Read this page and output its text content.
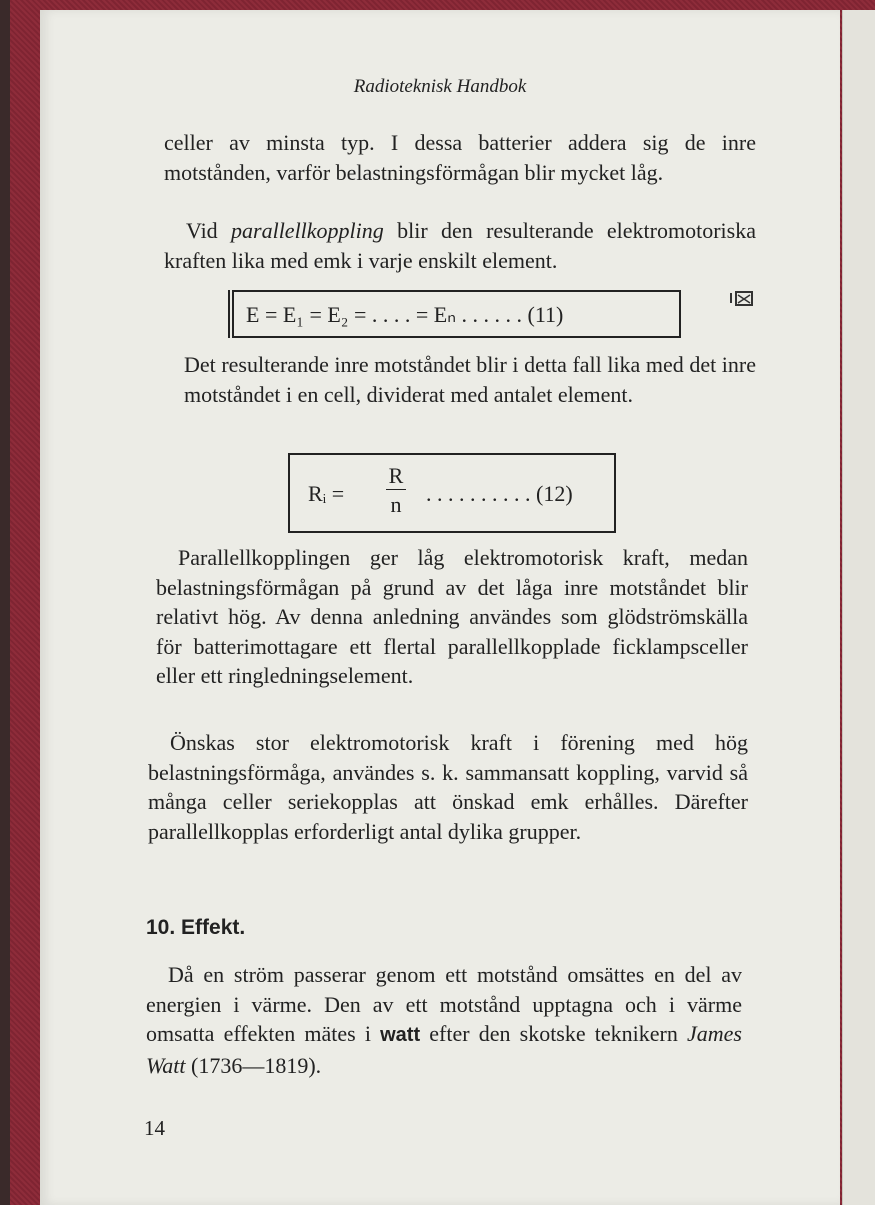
Radioteknisk Handbok

celler av minsta typ. I dessa batterier addera sig de inre motstånden, varför belastningsförmågan blir mycket låg.

Vid parallellkoppling blir den resulterande elektromotoriska kraften lika med emk i varje enskilt element.

E = E₁ = E₂ = . . . . = Eₙ . . . . . . (11)

Det resulterande inre motståndet blir i detta fall lika med det inre motståndet i en cell, dividerat med antalet element.

Rᵢ =
R
n . . . . . . . . . . (12)

Parallellkopplingen ger låg elektromotorisk kraft, medan belastningsförmågan på grund av det låga inre motståndet blir relativt hög. Av denna anledning användes som glödströmskälla för batterimottagare ett flertal parallellkopplade ficklampsceller eller ett ringledningselement.

Önskas stor elektromotorisk kraft i förening med hög belastningsförmåga, användes s. k. sammansatt koppling, varvid så många celler seriekopplas att önskad emk erhålles. Därefter parallellkopplas erforderligt antal dylika grupper.

10. Effekt.

Då en ström passerar genom ett motstånd omsättes en del av energien i värme. Den av ett motstånd upptagna och i värme omsatta effekten mätes i watt efter den skotske teknikern James Watt (1736—1819).

14
